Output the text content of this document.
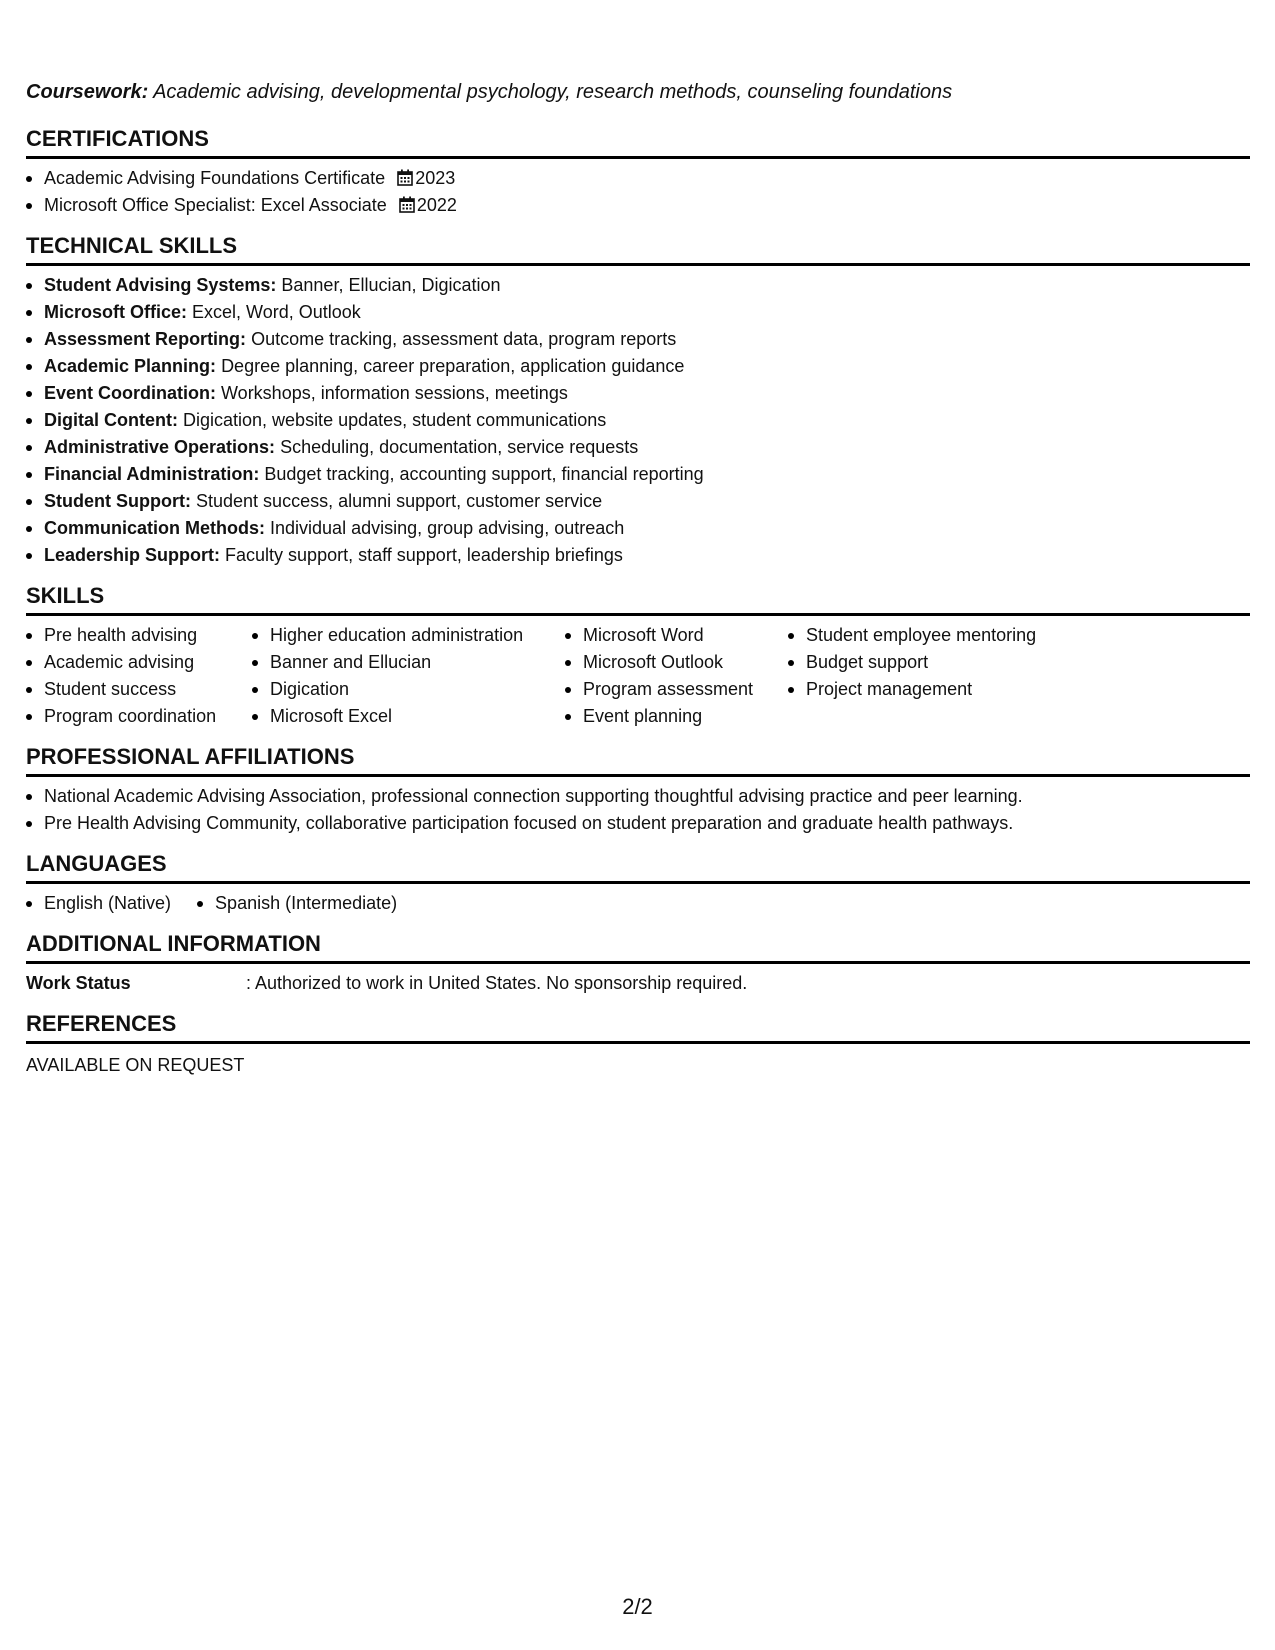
Coursework: Academic advising, developmental psychology, research methods, counseling foundations

CERTIFICATIONS
Academic Advising Foundations Certificate 2023
Microsoft Office Specialist: Excel Associate 2022
TECHNICAL SKILLS
Student Advising Systems: Banner, Ellucian, Digication
Microsoft Office: Excel, Word, Outlook
Assessment Reporting: Outcome tracking, assessment data, program reports
Academic Planning: Degree planning, career preparation, application guidance
Event Coordination: Workshops, information sessions, meetings
Digital Content: Digication, website updates, student communications
Administrative Operations: Scheduling, documentation, service requests
Financial Administration: Budget tracking, accounting support, financial reporting
Student Support: Student success, alumni support, customer service
Communication Methods: Individual advising, group advising, outreach
Leadership Support: Faculty support, staff support, leadership briefings
SKILLS
Pre health advising
Academic advising
Student success
Program coordination
Higher education administration
Banner and Ellucian
Digication
Microsoft Excel
Microsoft Word
Microsoft Outlook
Program assessment
Event planning
Student employee mentoring
Budget support
Project management
PROFESSIONAL AFFILIATIONS
National Academic Advising Association, professional connection supporting thoughtful advising practice and peer learning.
Pre Health Advising Community, collaborative participation focused on student preparation and graduate health pathways.
LANGUAGES
English (Native)	Spanish (Intermediate)
ADDITIONAL INFORMATION
Work Status	: Authorized to work in United States. No sponsorship required.
REFERENCES
AVAILABLE ON REQUEST
2/2
